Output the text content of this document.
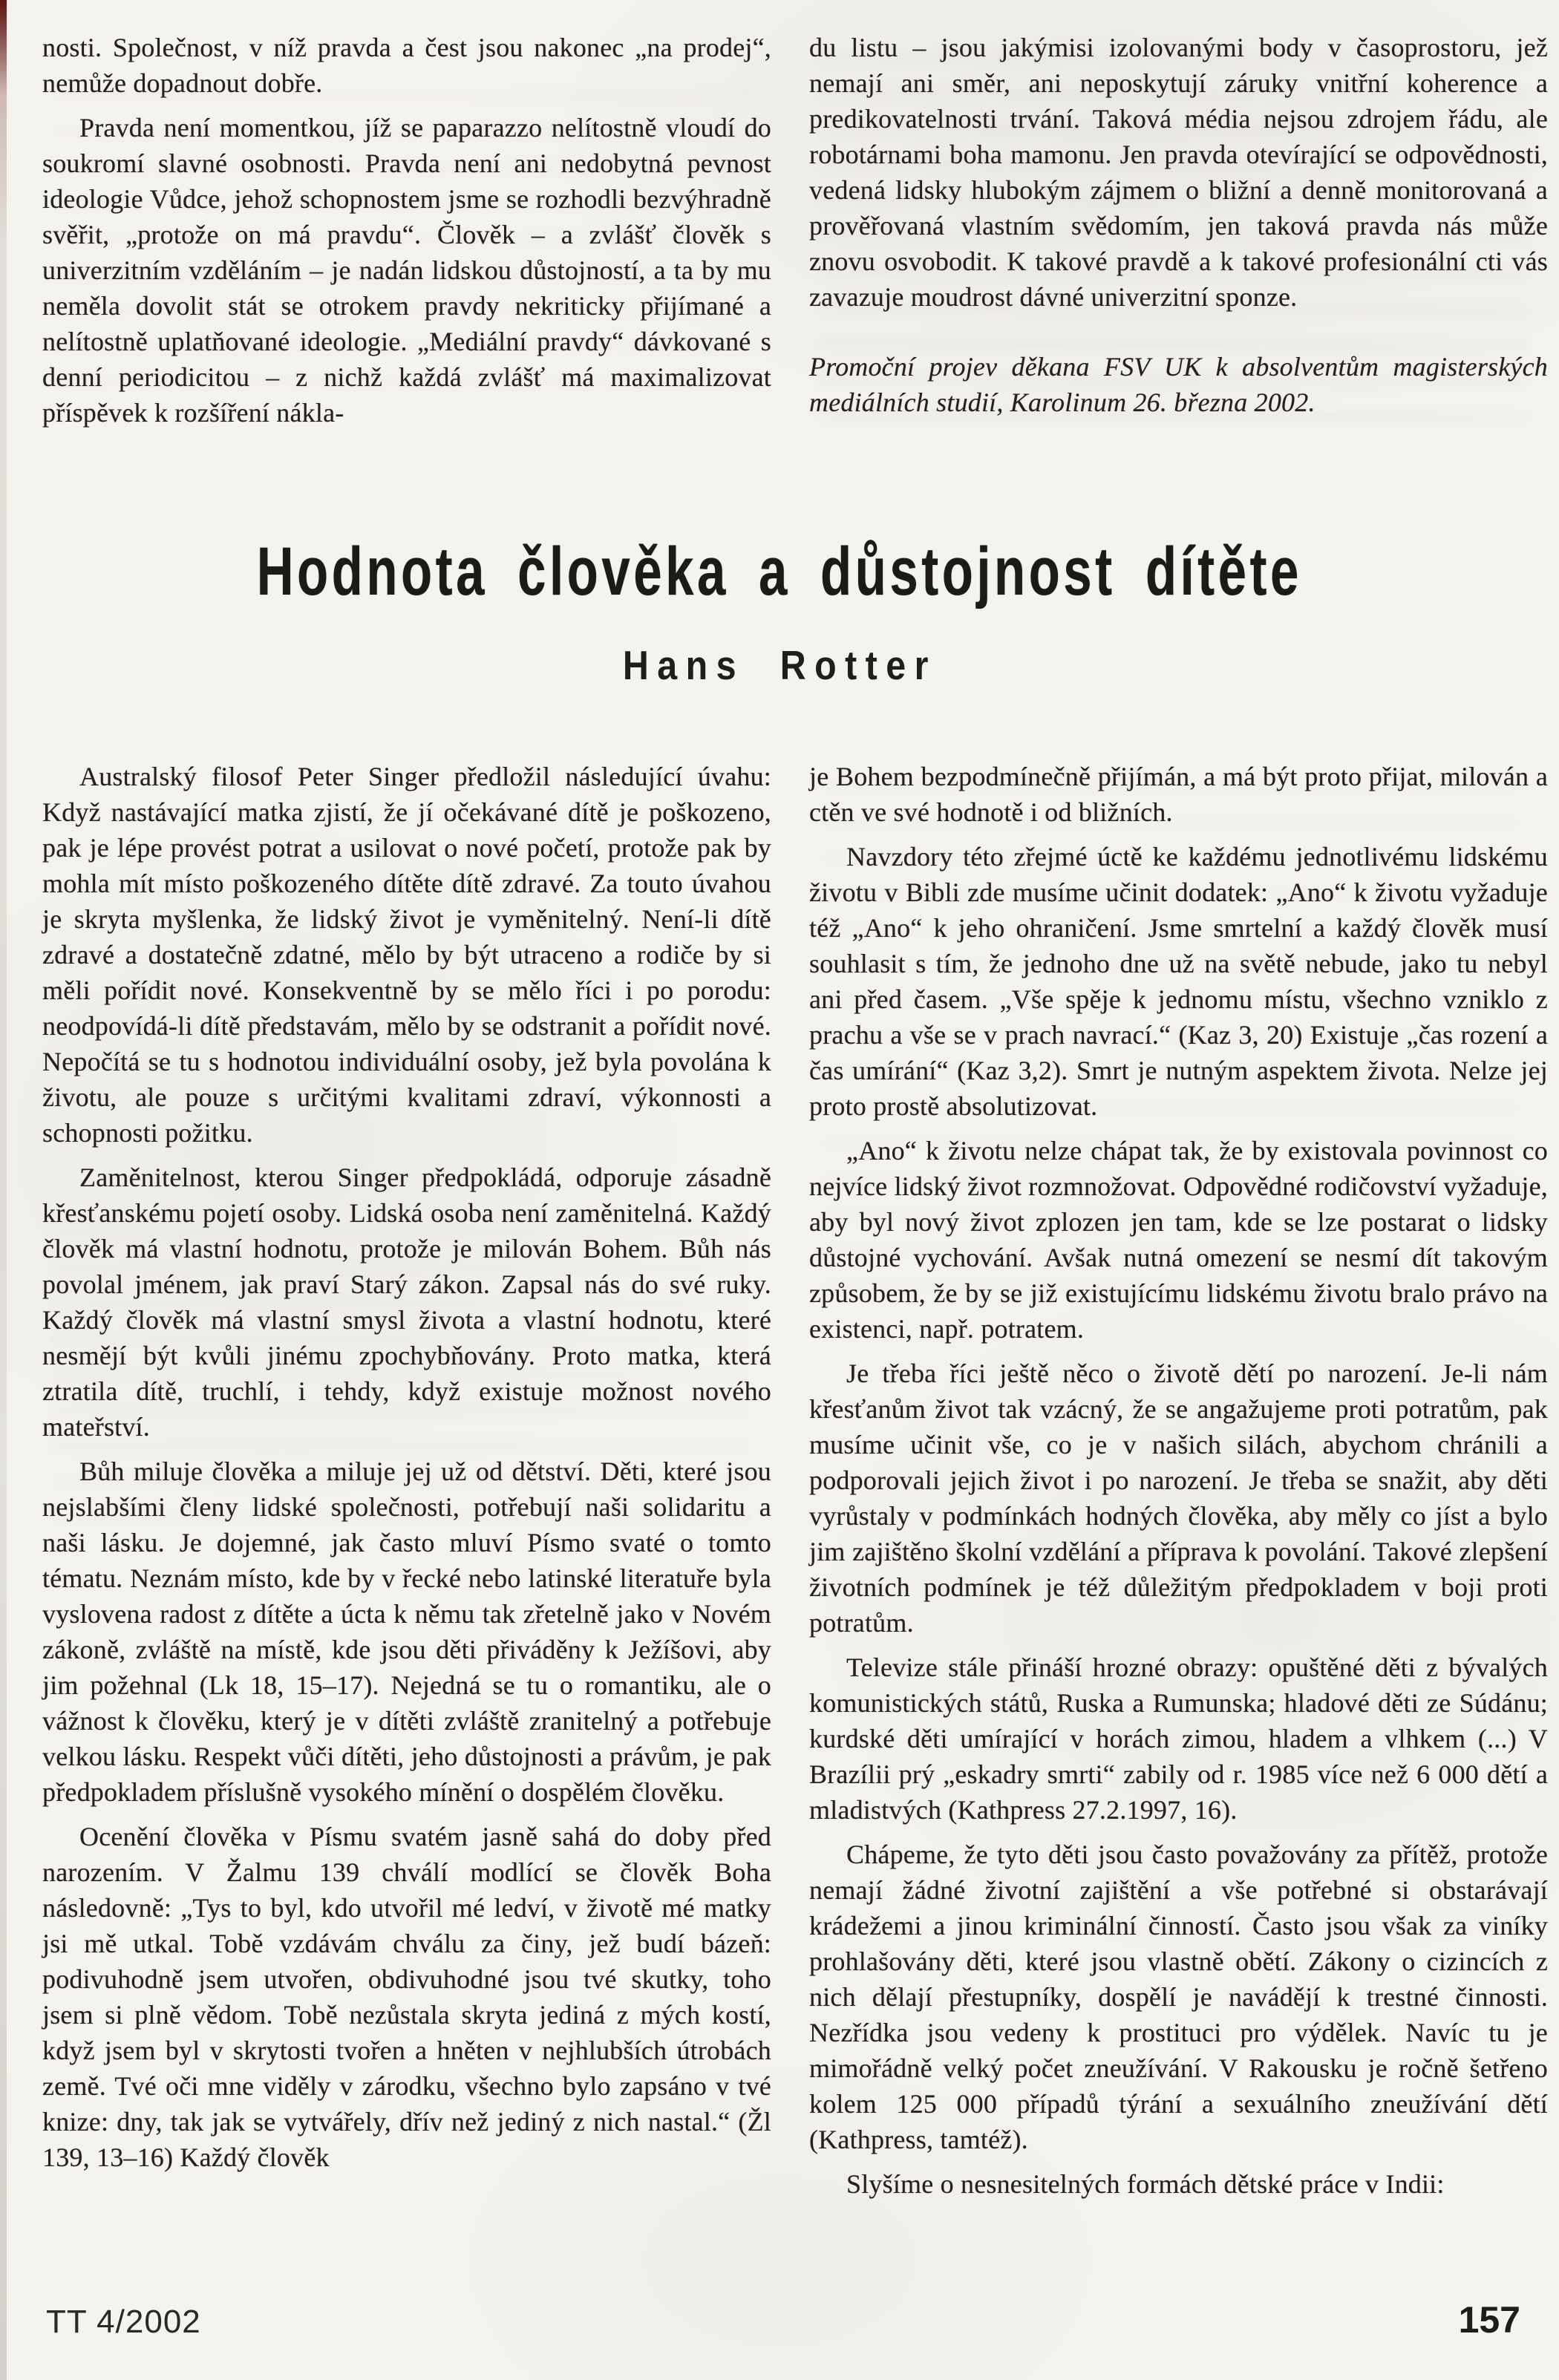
nosti. Společnost, v níž pravda a čest jsou nakonec „na prodej“, nemůže dopadnout dobře.

Pravda není momentkou, jíž se paparazzo nelítostně vloudí do soukromí slavné osobnosti. Pravda není ani nedobytná pevnost ideologie Vůdce, jehož schopnostem jsme se rozhodli bezvýhradně svěřit, „protože on má pravdu“. Člověk – a zvlášť člověk s univerzitním vzděláním – je nadán lidskou důstojností, a ta by mu neměla dovolit stát se otrokem pravdy nekriticky přijímané a nelítostně uplatňované ideologie. „Mediální pravdy“ dávkované s denní periodicitou – z nichž každá zvlášť má maximalizovat příspěvek k rozšíření nákla-

du listu – jsou jakýmisi izolovanými body v časoprostoru, jež nemají ani směr, ani neposkytují záruky vnitřní koherence a predikovatelnosti trvání. Taková média nejsou zdrojem řádu, ale robotárnami boha mamonu. Jen pravda otevírající se odpovědnosti, vedená lidsky hlubokým zájmem o bližní a denně monitorovaná a prověřovaná vlastním svědomím, jen taková pravda nás může znovu osvobodit. K takové pravdě a k takové profesionální cti vás zavazuje moudrost dávné univerzitní sponze.

Promoční projev děkana FSV UK k absolventům magisterských mediálních studií, Karolinum 26. března 2002.

Hodnota člověka a důstojnost dítěte
Hans Rotter

Australský filosof Peter Singer předložil následující úvahu: Když nastávající matka zjistí, že jí očekávané dítě je poškozeno, pak je lépe provést potrat a usilovat o nové početí, protože pak by mohla mít místo poškozeného dítěte dítě zdravé. Za touto úvahou je skryta myšlenka, že lidský život je vyměnitelný. Není-li dítě zdravé a dostatečně zdatné, mělo by být utraceno a rodiče by si měli pořídit nové. Konsekventně by se mělo říci i po porodu: neodpovídá-li dítě představám, mělo by se odstranit a pořídit nové. Nepočítá se tu s hodnotou individuální osoby, jež byla povolána k životu, ale pouze s určitými kvalitami zdraví, výkonnosti a schopnosti požitku.

Zaměnitelnost, kterou Singer předpokládá, odporuje zásadně křesťanskému pojetí osoby. Lidská osoba není zaměnitelná. Každý člověk má vlastní hodnotu, protože je milován Bohem. Bůh nás povolal jménem, jak praví Starý zákon. Zapsal nás do své ruky. Každý člověk má vlastní smysl života a vlastní hodnotu, které nesmějí být kvůli jinému zpochybňovány. Proto matka, která ztratila dítě, truchlí, i tehdy, když existuje možnost nového mateřství.

Bůh miluje člověka a miluje jej už od dětství. Děti, které jsou nejslabšími členy lidské společnosti, potřebují naši solidaritu a naši lásku. Je dojemné, jak často mluví Písmo svaté o tomto tématu. Neznám místo, kde by v řecké nebo latinské literatuře byla vyslovena radost z dítěte a úcta k němu tak zřetelně jako v Novém zákoně, zvláště na místě, kde jsou děti přiváděny k Ježíšovi, aby jim požehnal (Lk 18, 15–17). Nejedná se tu o romantiku, ale o vážnost k člověku, který je v dítěti zvláště zranitelný a potřebuje velkou lásku. Respekt vůči dítěti, jeho důstojnosti a právům, je pak předpokladem příslušně vysokého mínění o dospělém člověku.

Ocenění člověka v Písmu svatém jasně sahá do doby před narozením. V Žalmu 139 chválí modlící se člověk Boha následovně: „Tys to byl, kdo utvořil mé ledví, v životě mé matky jsi mě utkal. Tobě vzdávám chválu za činy, jež budí bázeň: podivuhodně jsem utvořen, obdivuhodné jsou tvé skutky, toho jsem si plně vědom. Tobě nezůstala skryta jediná z mých kostí, když jsem byl v skrytosti tvořen a hněten v nejhlubších útrobách země. Tvé oči mne viděly v zárodku, všechno bylo zapsáno v tvé knize: dny, tak jak se vytvářely, dřív než jediný z nich nastal.“ (Žl 139, 13–16) Každý člověk

je Bohem bezpodmínečně přijímán, a má být proto přijat, milován a ctěn ve své hodnotě i od bližních.

Navzdory této zřejmé úctě ke každému jednotlivému lidskému životu v Bibli zde musíme učinit dodatek: „Ano“ k životu vyžaduje též „Ano“ k jeho ohraničení. Jsme smrtelní a každý člověk musí souhlasit s tím, že jednoho dne už na světě nebude, jako tu nebyl ani před časem. „Vše spěje k jednomu místu, všechno vzniklo z prachu a vše se v prach navrací.“ (Kaz 3, 20) Existuje „čas rození a čas umírání“ (Kaz 3,2). Smrt je nutným aspektem života. Nelze jej proto prostě absolutizovat.

„Ano“ k životu nelze chápat tak, že by existovala povinnost co nejvíce lidský život rozmnožovat. Odpovědné rodičovství vyžaduje, aby byl nový život zplozen jen tam, kde se lze postarat o lidsky důstojné vychování. Avšak nutná omezení se nesmí dít takovým způsobem, že by se již existujícímu lidskému životu bralo právo na existenci, např. potratem.

Je třeba říci ještě něco o životě dětí po narození. Je-li nám křesťanům život tak vzácný, že se angažujeme proti potratům, pak musíme učinit vše, co je v našich silách, abychom chránili a podporovali jejich život i po narození. Je třeba se snažit, aby děti vyrůstaly v podmínkách hodných člověka, aby měly co jíst a bylo jim zajištěno školní vzdělání a příprava k povolání. Takové zlepšení životních podmínek je též důležitým předpokladem v boji proti potratům.

Televize stále přináší hrozné obrazy: opuštěné děti z bývalých komunistických států, Ruska a Rumunska; hladové děti ze Súdánu; kurdské děti umírající v horách zimou, hladem a vlhkem (...) V Brazílii prý „eskadry smrti“ zabily od r. 1985 více než 6 000 dětí a mladistvých (Kathpress 27.2.1997, 16).

Chápeme, že tyto děti jsou často považovány za přítěž, protože nemají žádné životní zajištění a vše potřebné si obstarávají krádežemi a jinou kriminální činností. Často jsou však za viníky prohlašovány děti, které jsou vlastně obětí. Zákony o cizincích z nich dělají přestupníky, dospělí je navádějí k trestné činnosti. Nezřídka jsou vedeny k prostituci pro výdělek. Navíc tu je mimořádně velký počet zneužívání. V Rakousku je ročně šetřeno kolem 125 000 případů týrání a sexuálního zneužívání dětí (Kathpress, tamtéž).

Slyšíme o nesnesitelných formách dětské práce v Indii:

TT 4/2002	157
